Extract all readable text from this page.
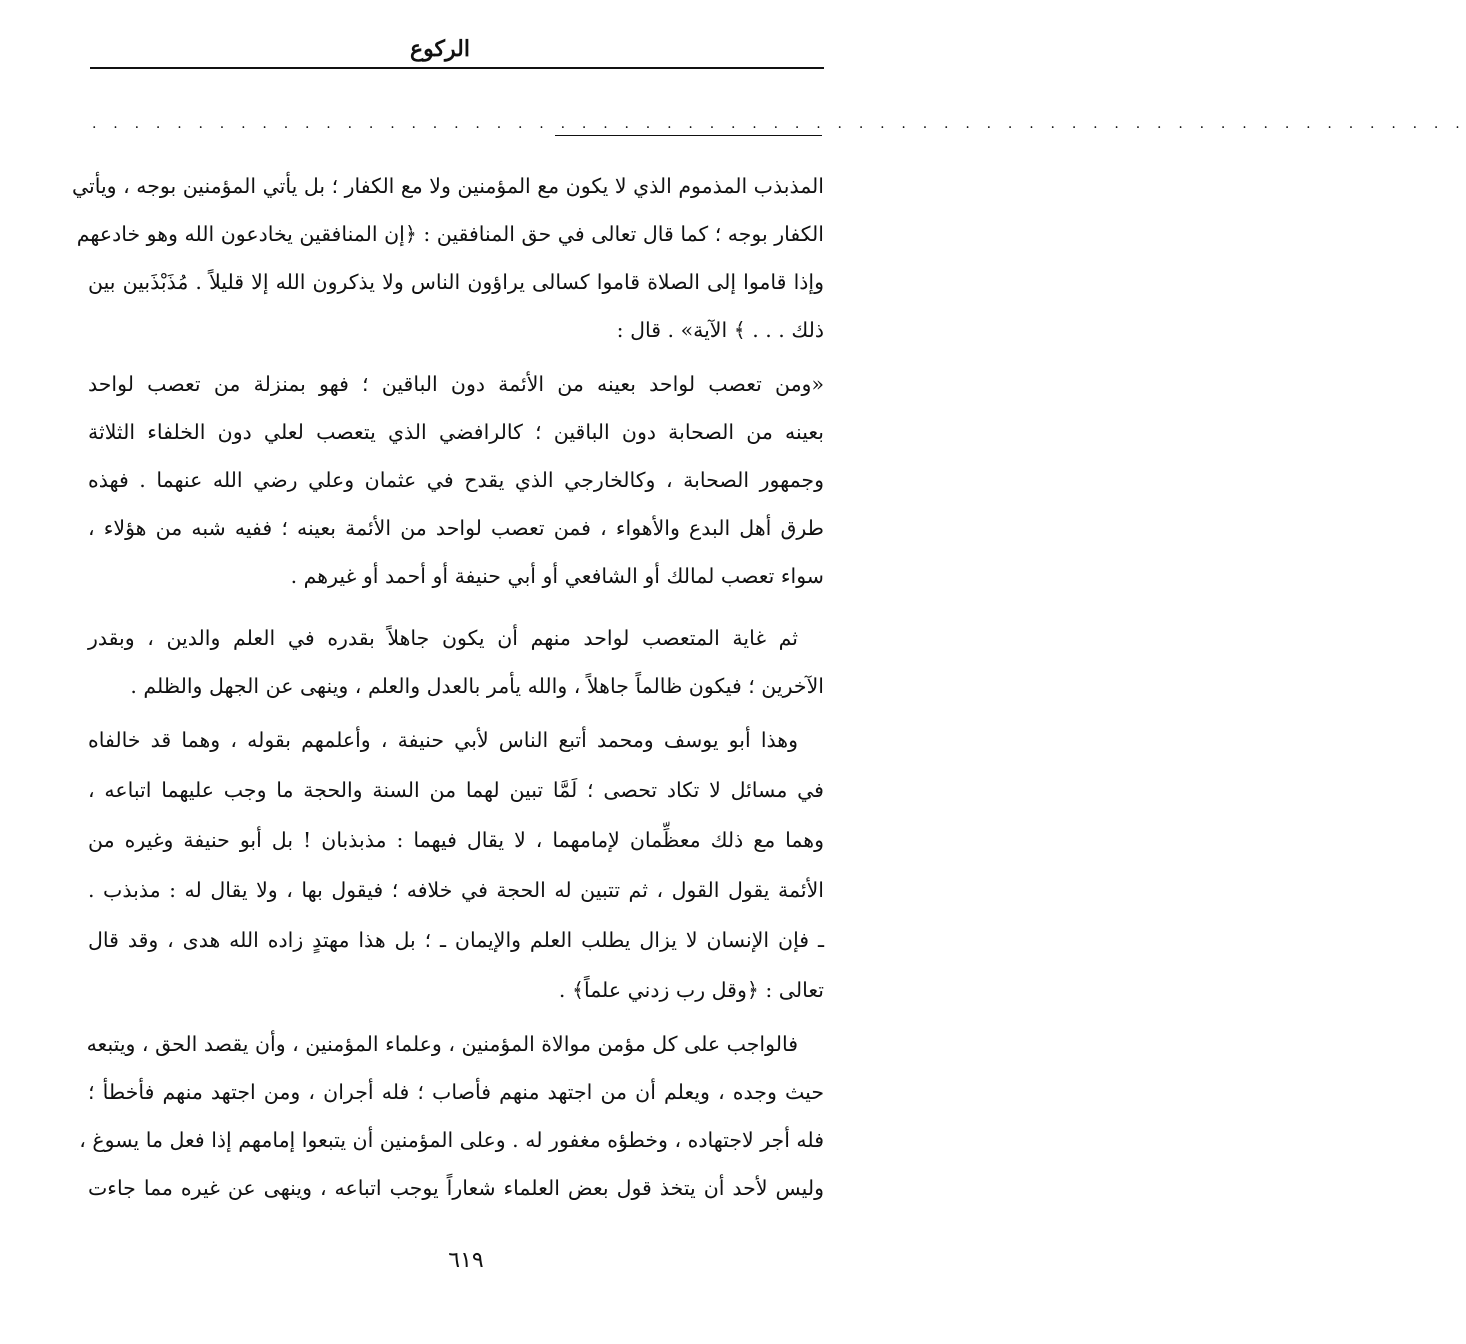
الركوع
. . . . . . . . . . . . . . . . . . . . . . . . . . . . . . . . . . . . . . . . . . . . . . . . . . . . . . . . . . . . . . . . .
المذبذب المذموم الذي لا يكون مع المؤمنين ولا مع الكفار ؛ بل يأتي المؤمنين بوجه ، ويأتي
الكفار بوجه ؛ كما قال تعالى في حق المنافقين : ﴿إن المنافقين يخادعون الله وهو خادعهم
وإذا قاموا إلى الصلاة قاموا كسالى يراؤون الناس ولا يذكرون الله إلا قليلاً . مُذَبْذَبين بين
ذلك . . . ﴾ الآية» . قال :
«ومن تعصب لواحد بعينه من الأئمة دون الباقين ؛ فهو بمنزلة من تعصب لواحد
بعينه من الصحابة دون الباقين ؛ كالرافضي الذي يتعصب لعلي دون الخلفاء الثلاثة
وجمهور الصحابة ، وكالخارجي الذي يقدح في عثمان وعلي رضي الله عنهما . فهذه
طرق أهل البدع والأهواء ، فمن تعصب لواحد من الأئمة بعينه ؛ ففيه شبه من هؤلاء ،
سواء تعصب لمالك أو الشافعي أو أبي حنيفة أو أحمد أو غيرهم .
ثم غاية المتعصب لواحد منهم أن يكون جاهلاً بقدره في العلم والدين ، وبقدر
الآخرين ؛ فيكون ظالماً جاهلاً ، والله يأمر بالعدل والعلم ، وينهى عن الجهل والظلم .
وهذا أبو يوسف ومحمد أتبع الناس لأبي حنيفة ، وأعلمهم بقوله ، وهما قد خالفاه
في مسائل لا تكاد تحصى ؛ لَمَّا تبين لهما من السنة والحجة ما وجب عليهما اتباعه ،
وهما مع ذلك معظِّمان لإمامهما ، لا يقال فيهما : مذبذبان ! بل أبو حنيفة وغيره من
الأئمة يقول القول ، ثم تتبين له الحجة في خلافه ؛ فيقول بها ، ولا يقال له : مذبذب .
ـ فإن الإنسان لا يزال يطلب العلم والإيمان ـ ؛ بل هذا مهتدٍ زاده الله هدى ، وقد قال
تعالى : ﴿وقل رب زدني علماً﴾ .
فالواجب على كل مؤمن موالاة المؤمنين ، وعلماء المؤمنين ، وأن يقصد الحق ، ويتبعه
حيث وجده ، ويعلم أن من اجتهد منهم فأصاب ؛ فله أجران ، ومن اجتهد منهم فأخطأ ؛
فله أجر لاجتهاده ، وخطؤه مغفور له . وعلى المؤمنين أن يتبعوا إمامهم إذا فعل ما يسوغ ،
وليس لأحد أن يتخذ قول بعض العلماء شعاراً يوجب اتباعه ، وينهى عن غيره مما جاءت
٦١٩
